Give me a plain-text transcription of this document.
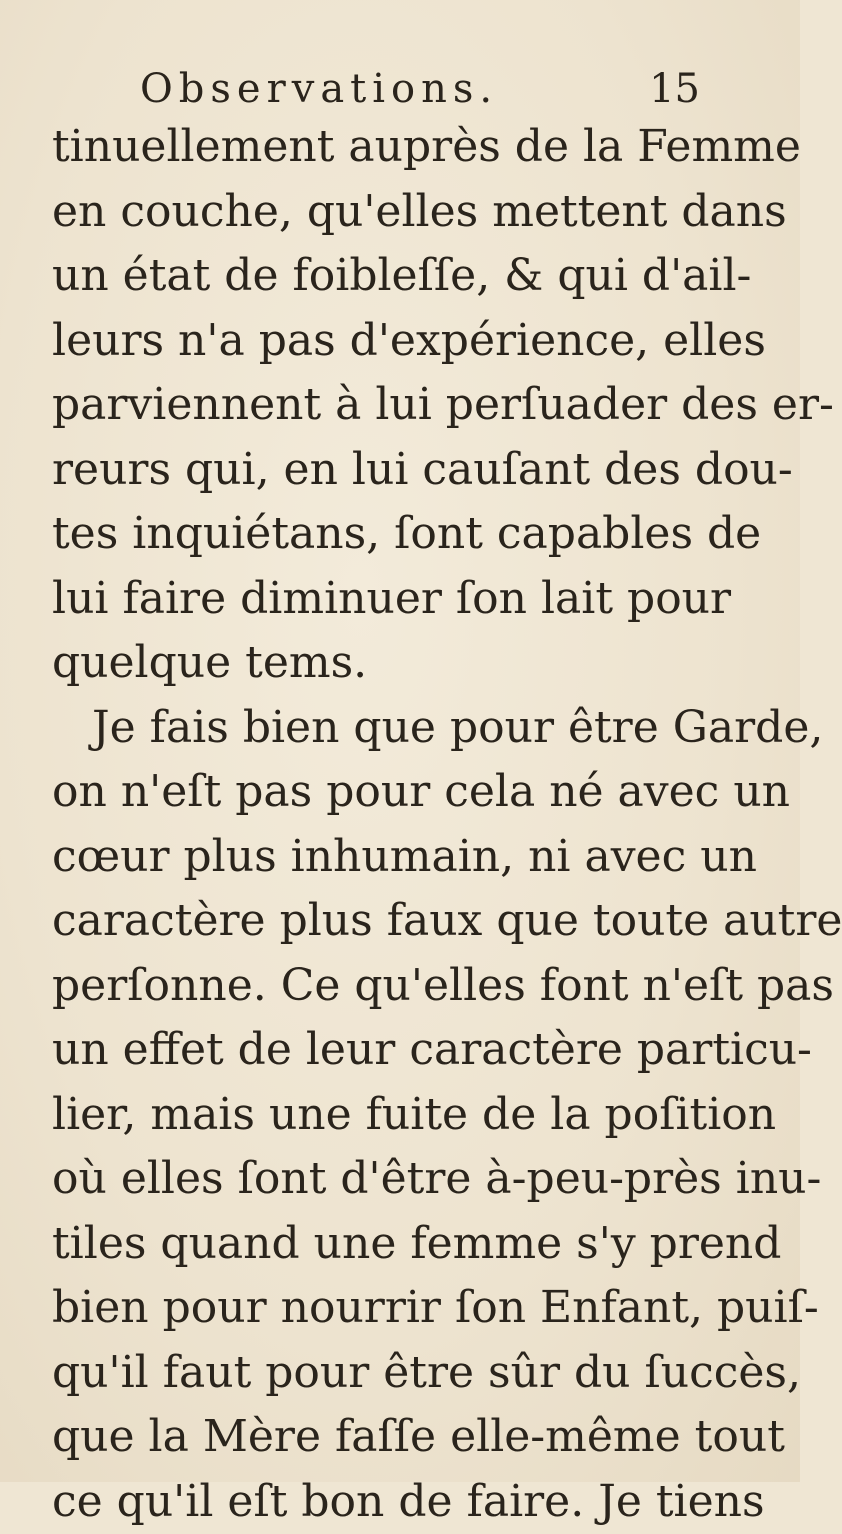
Observations.	15
tinuellement auprès de la Femme
en couche, qu'elles mettent dans
un état de foibleſſe, & qui d'ail-
leurs n'a pas d'expérience, elles
parviennent à lui perſuader des er-
reurs qui, en lui cauſant des dou-
tes inquiétans, ſont capables de
lui faire diminuer ſon lait pour
quelque tems.
Je fais bien que pour être Garde,
on n'eſt pas pour cela né avec un
cœur plus inhumain, ni avec un
caractère plus faux que toute autre
perſonne. Ce qu'elles font n'eſt pas
un effet de leur caractère particu-
lier, mais une fuite de la poſition
où elles ſont d'être à-peu-près inu-
tiles quand une femme s'y prend
bien pour nourrir ſon Enfant, puiſ-
qu'il faut pour être sûr du ſuccès,
que la Mère faſſe elle-même tout
ce qu'il eſt bon de faire. Je tiens
